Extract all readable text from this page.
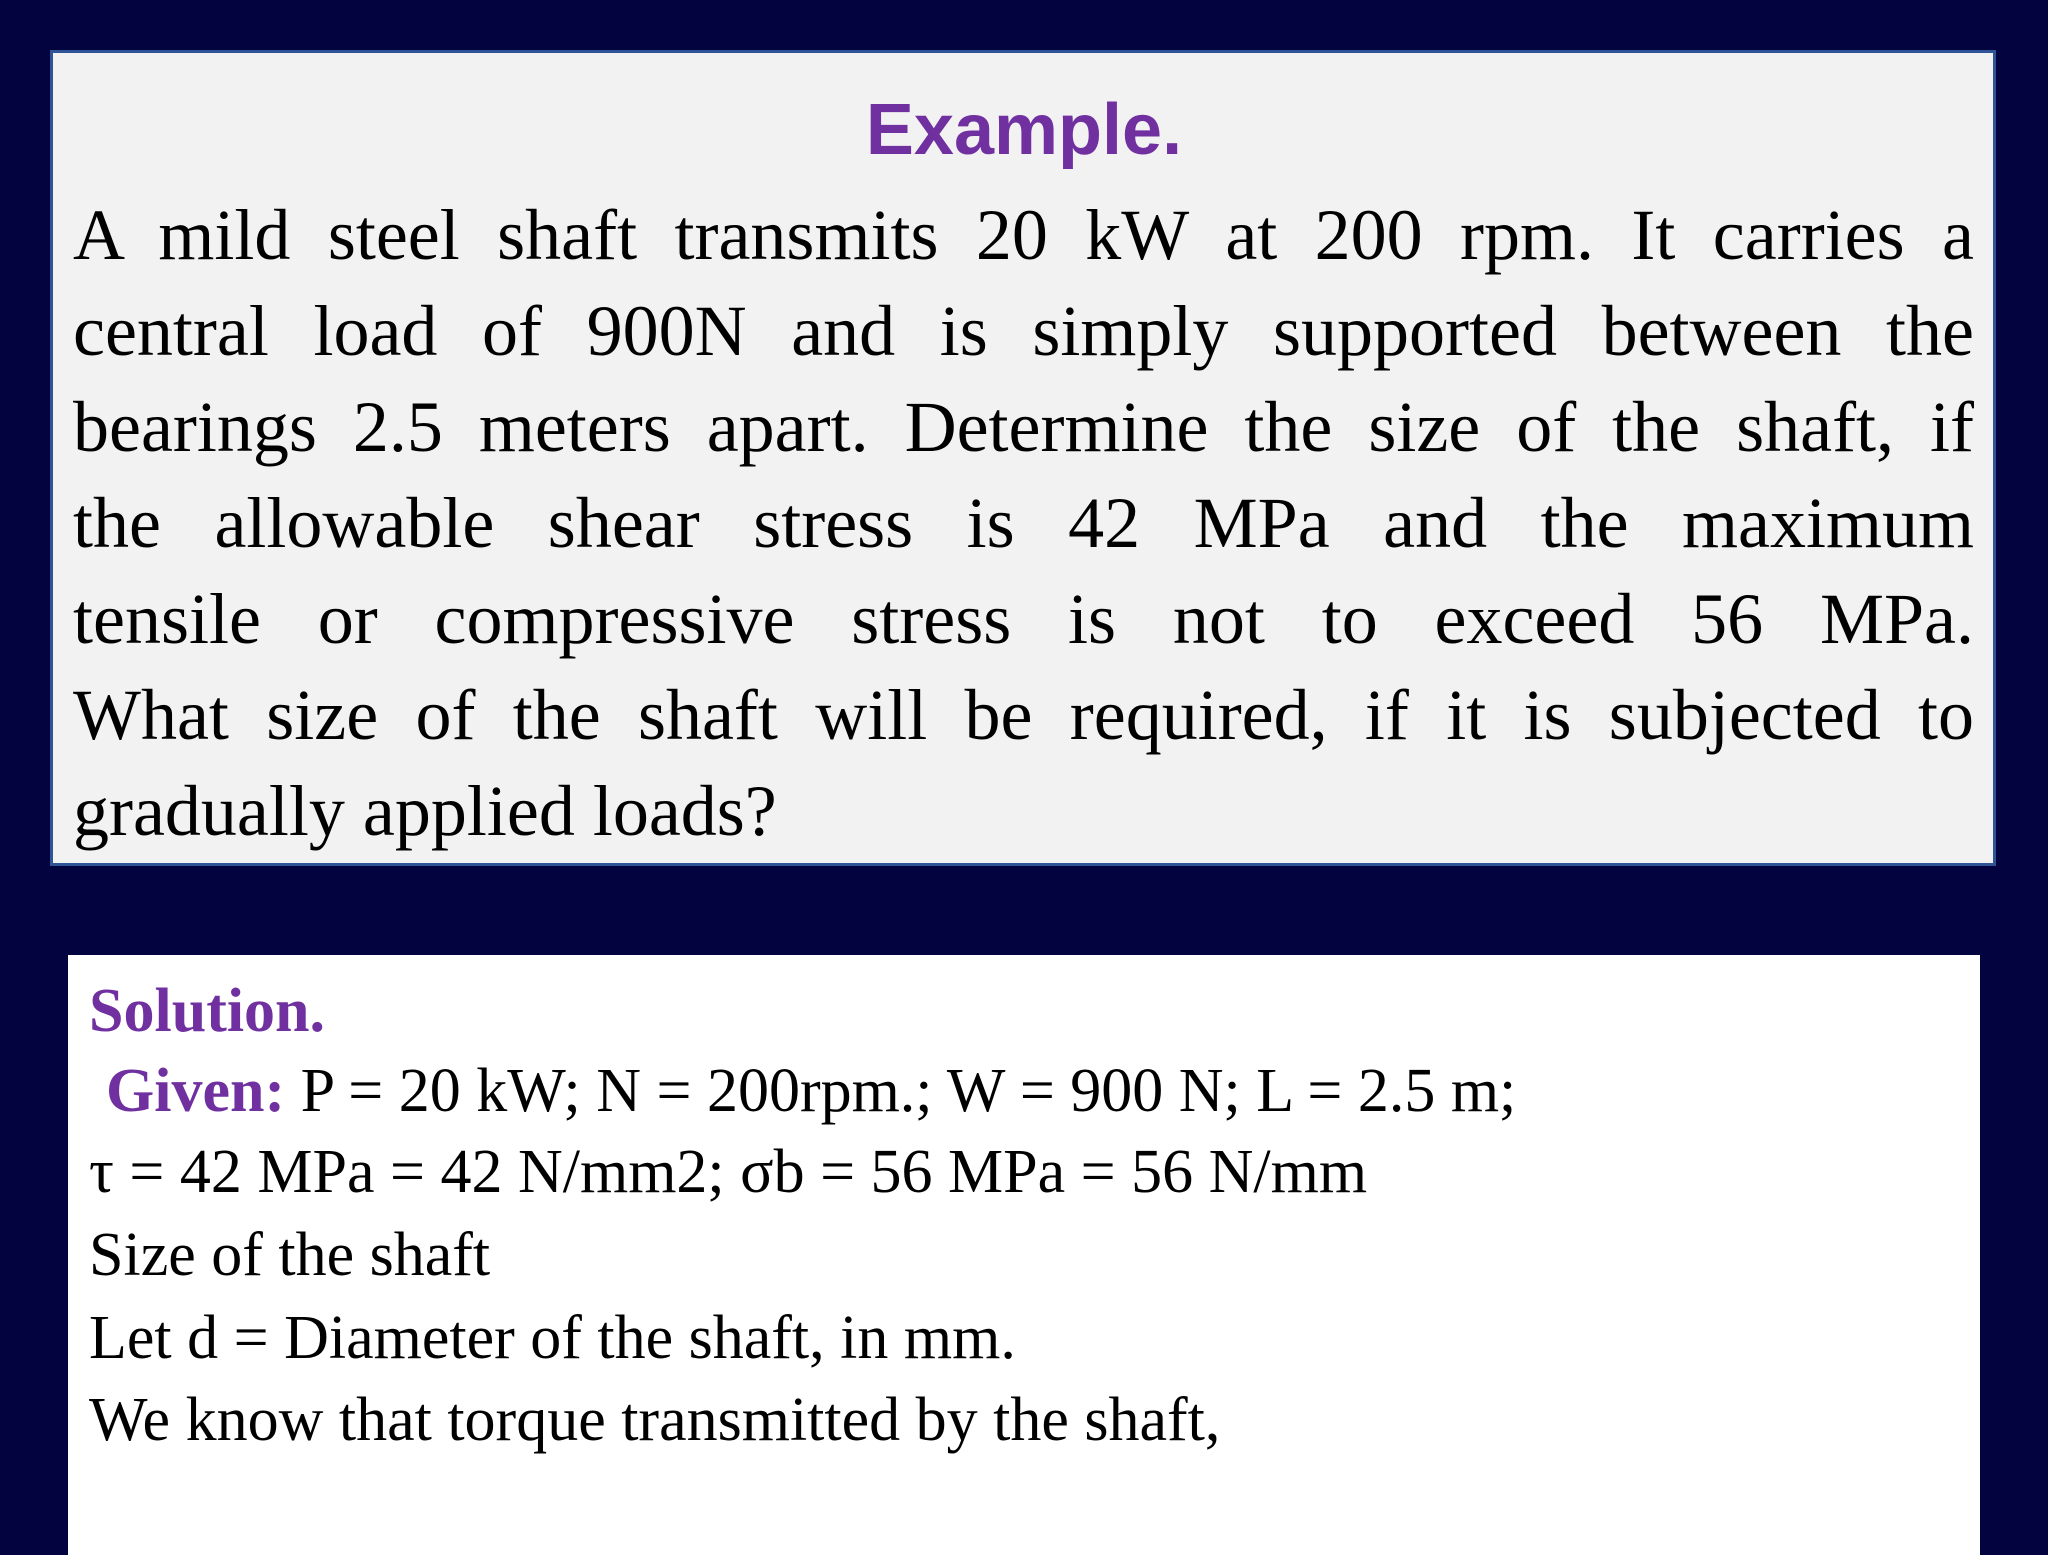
Example.

A mild steel shaft transmits 20 kW at 200 rpm. It carries a

central load of 900N and is simply supported between the

bearings 2.5 meters apart. Determine the size of the shaft, if

the allowable shear stress is 42 MPa and the maximum

tensile or compressive stress is not to exceed 56 MPa.

What size of the shaft will be required, if it is subjected to

gradually applied loads?

Solution.

Given: P = 20 kW; N = 200rpm.; W = 900 N; L = 2.5 m;

τ = 42 MPa = 42 N/mm2; σb = 56 MPa = 56 N/mm

Size of the shaft

Let d = Diameter of the shaft, in mm.

We know that torque transmitted by the shaft,
